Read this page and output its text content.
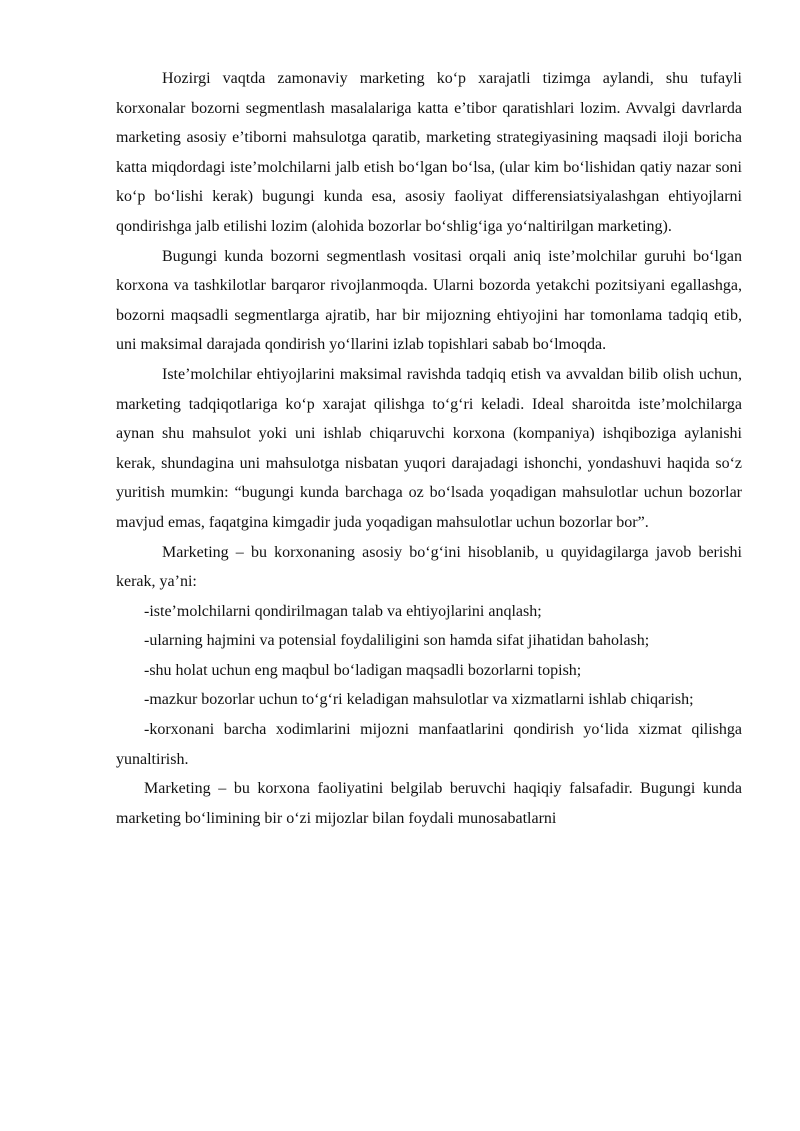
Hozirgi vaqtda zamonaviy marketing ko‘p xarajatli tizimga aylandi, shu tufayli korxonalar bozorni segmentlash masalalariga katta e’tibor qaratishlari lozim. Avvalgi davrlarda marketing asosiy e’tiborni mahsulotga qaratib, marketing strategiyasining maqsadi iloji boricha katta miqdordagi iste’molchilarni jalb etish bo‘lgan bo‘lsa, (ular kim bo‘lishidan qatiy nazar soni ko‘p bo‘lishi kerak) bugungi kunda esa, asosiy faoliyat differensiatsiyalashgan ehtiyojlarni qondirishga jalb etilishi lozim (alohida bozorlar bo‘shlig‘iga yo‘naltirilgan marketing).

Bugungi kunda bozorni segmentlash vositasi orqali aniq iste’molchilar guruhi bo‘lgan korxona va tashkilotlar barqaror rivojlanmoqda. Ularni bozorda yetakchi pozitsiyani egallashga, bozorni maqsadli segmentlarga ajratib, har bir mijozning ehtiyojini har tomonlama tadqiq etib, uni maksimal darajada qondirish yo‘llarini izlab topishlari sabab bo‘lmoqda.

Iste’molchilar ehtiyojlarini maksimal ravishda tadqiq etish va avvaldan bilib olish uchun, marketing tadqiqotlariga ko‘p xarajat qilishga to‘g‘ri keladi. Ideal sharoitda iste’molchilarga aynan shu mahsulot yoki uni ishlab chiqaruvchi korxona (kompaniya) ishqiboziga aylanishi kerak, shundagina uni mahsulotga nisbatan yuqori darajadagi ishonchi, yondashuvi haqida so‘z yuritish mumkin: “bugungi kunda barchaga oz bo‘lsada yoqadigan mahsulotlar uchun bozorlar mavjud emas, faqatgina kimgadir juda yoqadigan mahsulotlar uchun bozorlar bor”.

Marketing – bu korxonaning asosiy bo‘g‘ini hisoblanib, u quyidagilarga javob berishi kerak, ya’ni:

-iste’molchilarni qondirilmagan talab va ehtiyojlarini anqlash;

-ularning hajmini va potensial foydaliligini son hamda sifat jihatidan baholash;

-shu holat uchun eng maqbul bo‘ladigan maqsadli bozorlarni topish;

-mazkur bozorlar uchun to‘g‘ri keladigan mahsulotlar va xizmatlarni ishlab chiqarish;

-korxonani barcha xodimlarini mijozni manfaatlarini qondirish yo‘lida xizmat qilishga yunaltirish.

Marketing – bu korxona faoliyatini belgilab beruvchi haqiqiy falsafadir. Bugungi kunda marketing bo‘limining bir o‘zi mijozlar bilan foydali munosabatlarni
